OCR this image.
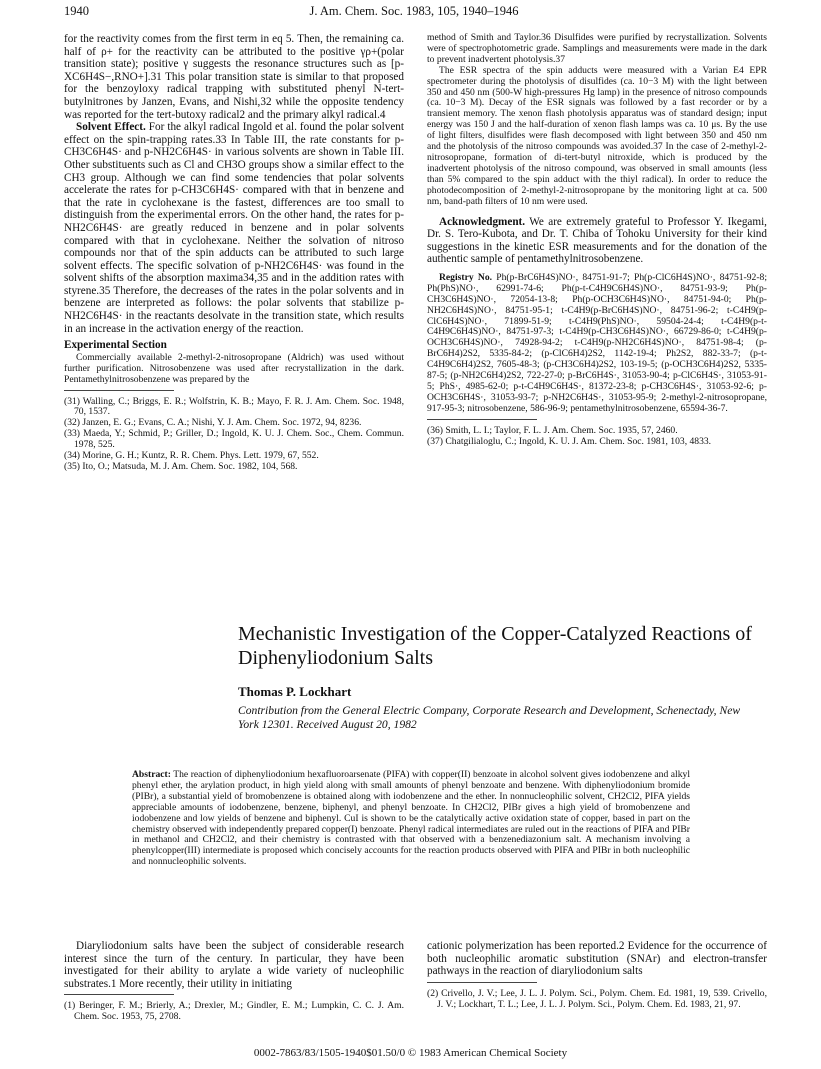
1940	J. Am. Chem. Soc. 1983, 105, 1940–1946

for the reactivity comes from the first term in eq 5. Then, the remaining ca. half of ρ+ for the reactivity can be attributed to the positive γρ+(polar transition state); positive γ suggests the resonance structures such as [p-XC6H4S−,RNO+].31 This polar transition state is similar to that proposed for the benzoyloxy radical trapping with substituted phenyl N-tert-butylnitrones by Janzen, Evans, and Nishi,32 while the opposite tendency was reported for the tert-butoxy radical2 and the primary alkyl radical.4

Solvent Effect. For the alkyl radical Ingold et al. found the polar solvent effect on the spin-trapping rates.33 In Table III, the rate constants for p-CH3C6H4S· and p-NH2C6H4S· in various solvents are shown in Table III. Other substituents such as Cl and CH3O groups show a similar effect to the CH3 group. Although we can find some tendencies that polar solvents accelerate the rates for p-CH3C6H4S· compared with that in benzene and that the rate in cyclohexane is the fastest, differences are too small to distinguish from the experimental errors. On the other hand, the rates for p-NH2C6H4S· are greatly reduced in benzene and in polar solvents compared with that in cyclohexane. Neither the solvation of nitroso compounds nor that of the spin adducts can be attributed to such large solvent effects. The specific solvation of p-NH2C6H4S· was found in the solvent shifts of the absorption maxima34,35 and in the addition rates with styrene.35 Therefore, the decreases of the rates in the polar solvents and in benzene are interpreted as follows: the polar solvents that stabilize p-NH2C6H4S· in the reactants desolvate in the transition state, which results in an increase in the activation energy of the reaction.

Experimental Section

Commercially available 2-methyl-2-nitrosopropane (Aldrich) was used without further purification. Nitrosobenzene was used after recrystallization in the dark. Pentamethylnitrosobenzene was prepared by the

(31) Walling, C.; Briggs, E. R.; Wolfstrin, K. B.; Mayo, F. R. J. Am. Chem. Soc. 1948, 70, 1537.

(32) Janzen, E. G.; Evans, C. A.; Nishi, Y. J. Am. Chem. Soc. 1972, 94, 8236.

(33) Maeda, Y.; Schmid, P.; Griller, D.; Ingold, K. U. J. Chem. Soc., Chem. Commun. 1978, 525.

(34) Morine, G. H.; Kuntz, R. R. Chem. Phys. Lett. 1979, 67, 552.

(35) Ito, O.; Matsuda, M. J. Am. Chem. Soc. 1982, 104, 568.

method of Smith and Taylor.36 Disulfides were purified by recrystallization. Solvents were of spectrophotometric grade. Samplings and measurements were made in the dark to prevent inadvertent photolysis.37

The ESR spectra of the spin adducts were measured with a Varian E4 EPR spectrometer during the photolysis of disulfides (ca. 10−3 M) with the light between 350 and 450 nm (500-W high-pressures Hg lamp) in the presence of nitroso compounds (ca. 10−3 M). Decay of the ESR signals was followed by a fast recorder or by a transient memory. The xenon flash photolysis apparatus was of standard design; input energy was 150 J and the half-duration of xenon flash lamps was ca. 10 μs. By the use of light filters, disulfides were flash decomposed with light between 350 and 450 nm and the photolysis of the nitroso compounds was avoided.37 In the case of 2-methyl-2-nitrosopropane, formation of di-tert-butyl nitroxide, which is produced by the inadvertent photolysis of the nitroso compound, was observed in small amounts (less than 5% compared to the spin adduct with the thiyl radical). In order to reduce the photodecomposition of 2-methyl-2-nitrosopropane by the monitoring light at ca. 500 nm, band-path filters of 10 nm were used.

Acknowledgment. We are extremely grateful to Professor Y. Ikegami, Dr. S. Tero-Kubota, and Dr. T. Chiba of Tohoku University for their kind suggestions in the kinetic ESR measurements and for the donation of the authentic sample of pentamethylnitrosobenzene.

Registry No. Ph(p-BrC6H4S)NO·, 84751-91-7; Ph(p-ClC6H4S)NO·, 84751-92-8; Ph(PhS)NO·, 62991-74-6; Ph(p-t-C4H9C6H4S)NO·, 84751-93-9; Ph(p-CH3C6H4S)NO·, 72054-13-8; Ph(p-OCH3C6H4S)NO·, 84751-94-0; Ph(p-NH2C6H4S)NO·, 84751-95-1; t-C4H9(p-BrC6H4S)NO·, 84751-96-2; t-C4H9(p-ClC6H4S)NO·, 71899-51-9; t-C4H9(PhS)NO·, 59504-24-4; t-C4H9(p-t-C4H9C6H4S)NO·, 84751-97-3; t-C4H9(p-CH3C6H4S)NO·, 66729-86-0; t-C4H9(p-OCH3C6H4S)NO·, 74928-94-2; t-C4H9(p-NH2C6H4S)NO·, 84751-98-4; (p-BrC6H4)2S2, 5335-84-2; (p-ClC6H4)2S2, 1142-19-4; Ph2S2, 882-33-7; (p-t-C4H9C6H4)2S2, 7605-48-3; (p-CH3C6H4)2S2, 103-19-5; (p-OCH3C6H4)2S2, 5335-87-5; (p-NH2C6H4)2S2, 722-27-0; p-BrC6H4S·, 31053-90-4; p-ClC6H4S·, 31053-91-5; PhS·, 4985-62-0; p-t-C4H9C6H4S·, 81372-23-8; p-CH3C6H4S·, 31053-92-6; p-OCH3C6H4S·, 31053-93-7; p-NH2C6H4S·, 31053-95-9; 2-methyl-2-nitrosopropane, 917-95-3; nitrosobenzene, 586-96-9; pentamethylnitrosobenzene, 65594-36-7.

(36) Smith, L. I.; Taylor, F. L. J. Am. Chem. Soc. 1935, 57, 2460.

(37) Chatgilialoglu, C.; Ingold, K. U. J. Am. Chem. Soc. 1981, 103, 4833.

Mechanistic Investigation of the Copper-Catalyzed Reactions of Diphenyliodonium Salts
Thomas P. Lockhart
Contribution from the General Electric Company, Corporate Research and Development, Schenectady, New York 12301. Received August 20, 1982
Abstract: The reaction of diphenyliodonium hexafluoroarsenate (PIFA) with copper(II) benzoate in alcohol solvent gives iodobenzene and alkyl phenyl ether, the arylation product, in high yield along with small amounts of phenyl benzoate and benzene. With diphenyliodonium bromide (PIBr), a substantial yield of bromobenzene is obtained along with iodobenzene and the ether. In nonnucleophilic solvent, CH2Cl2, PIFA yields appreciable amounts of iodobenzene, benzene, biphenyl, and phenyl benzoate. In CH2Cl2, PIBr gives a high yield of bromobenzene and iodobenzene and low yields of benzene and biphenyl. CuI is shown to be the catalytically active oxidation state of copper, based in part on the chemistry observed with independently prepared copper(I) benzoate. Phenyl radical intermediates are ruled out in the reactions of PIFA and PIBr in methanol and CH2Cl2, and their chemistry is contrasted with that observed with a benzenediazonium salt. A mechanism involving a phenylcopper(III) intermediate is proposed which concisely accounts for the reaction products observed with PIFA and PIBr in both nucleophilic and nonnucleophilic solvents.

Diaryliodonium salts have been the subject of considerable research interest since the turn of the century. In particular, they have been investigated for their ability to arylate a wide variety of nucleophilic substrates.1 More recently, their utility in initiating

(1) Beringer, F. M.; Brierly, A.; Drexler, M.; Gindler, E. M.; Lumpkin, C. C. J. Am. Chem. Soc. 1953, 75, 2708.

cationic polymerization has been reported.2 Evidence for the occurrence of both nucleophilic aromatic substitution (SNAr) and electron-transfer pathways in the reaction of diaryliodonium salts

(2) Crivello, J. V.; Lee, J. L. J. Polym. Sci., Polym. Chem. Ed. 1981, 19, 539. Crivello, J. V.; Lockhart, T. L.; Lee, J. L. J. Polym. Sci., Polym. Chem. Ed. 1983, 21, 97.

0002-7863/83/1505-1940$01.50/0 © 1983 American Chemical Society
